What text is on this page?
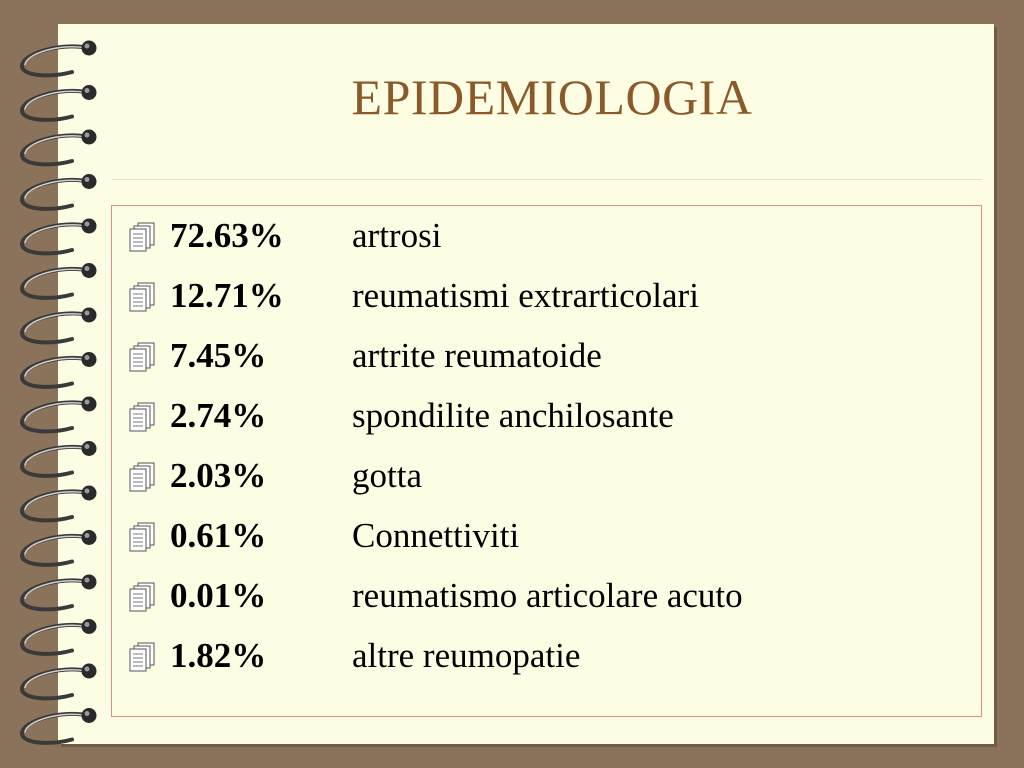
EPIDEMIOLOGIA
72.63%	artrosi
12.71%	reumatismi extrarticolari
7.45%	artrite reumatoide
2.74%	spondilite anchilosante
2.03%	gotta
0.61%	Connettiviti
0.01%	reumatismo articolare acuto
1.82%	altre reumopatie
